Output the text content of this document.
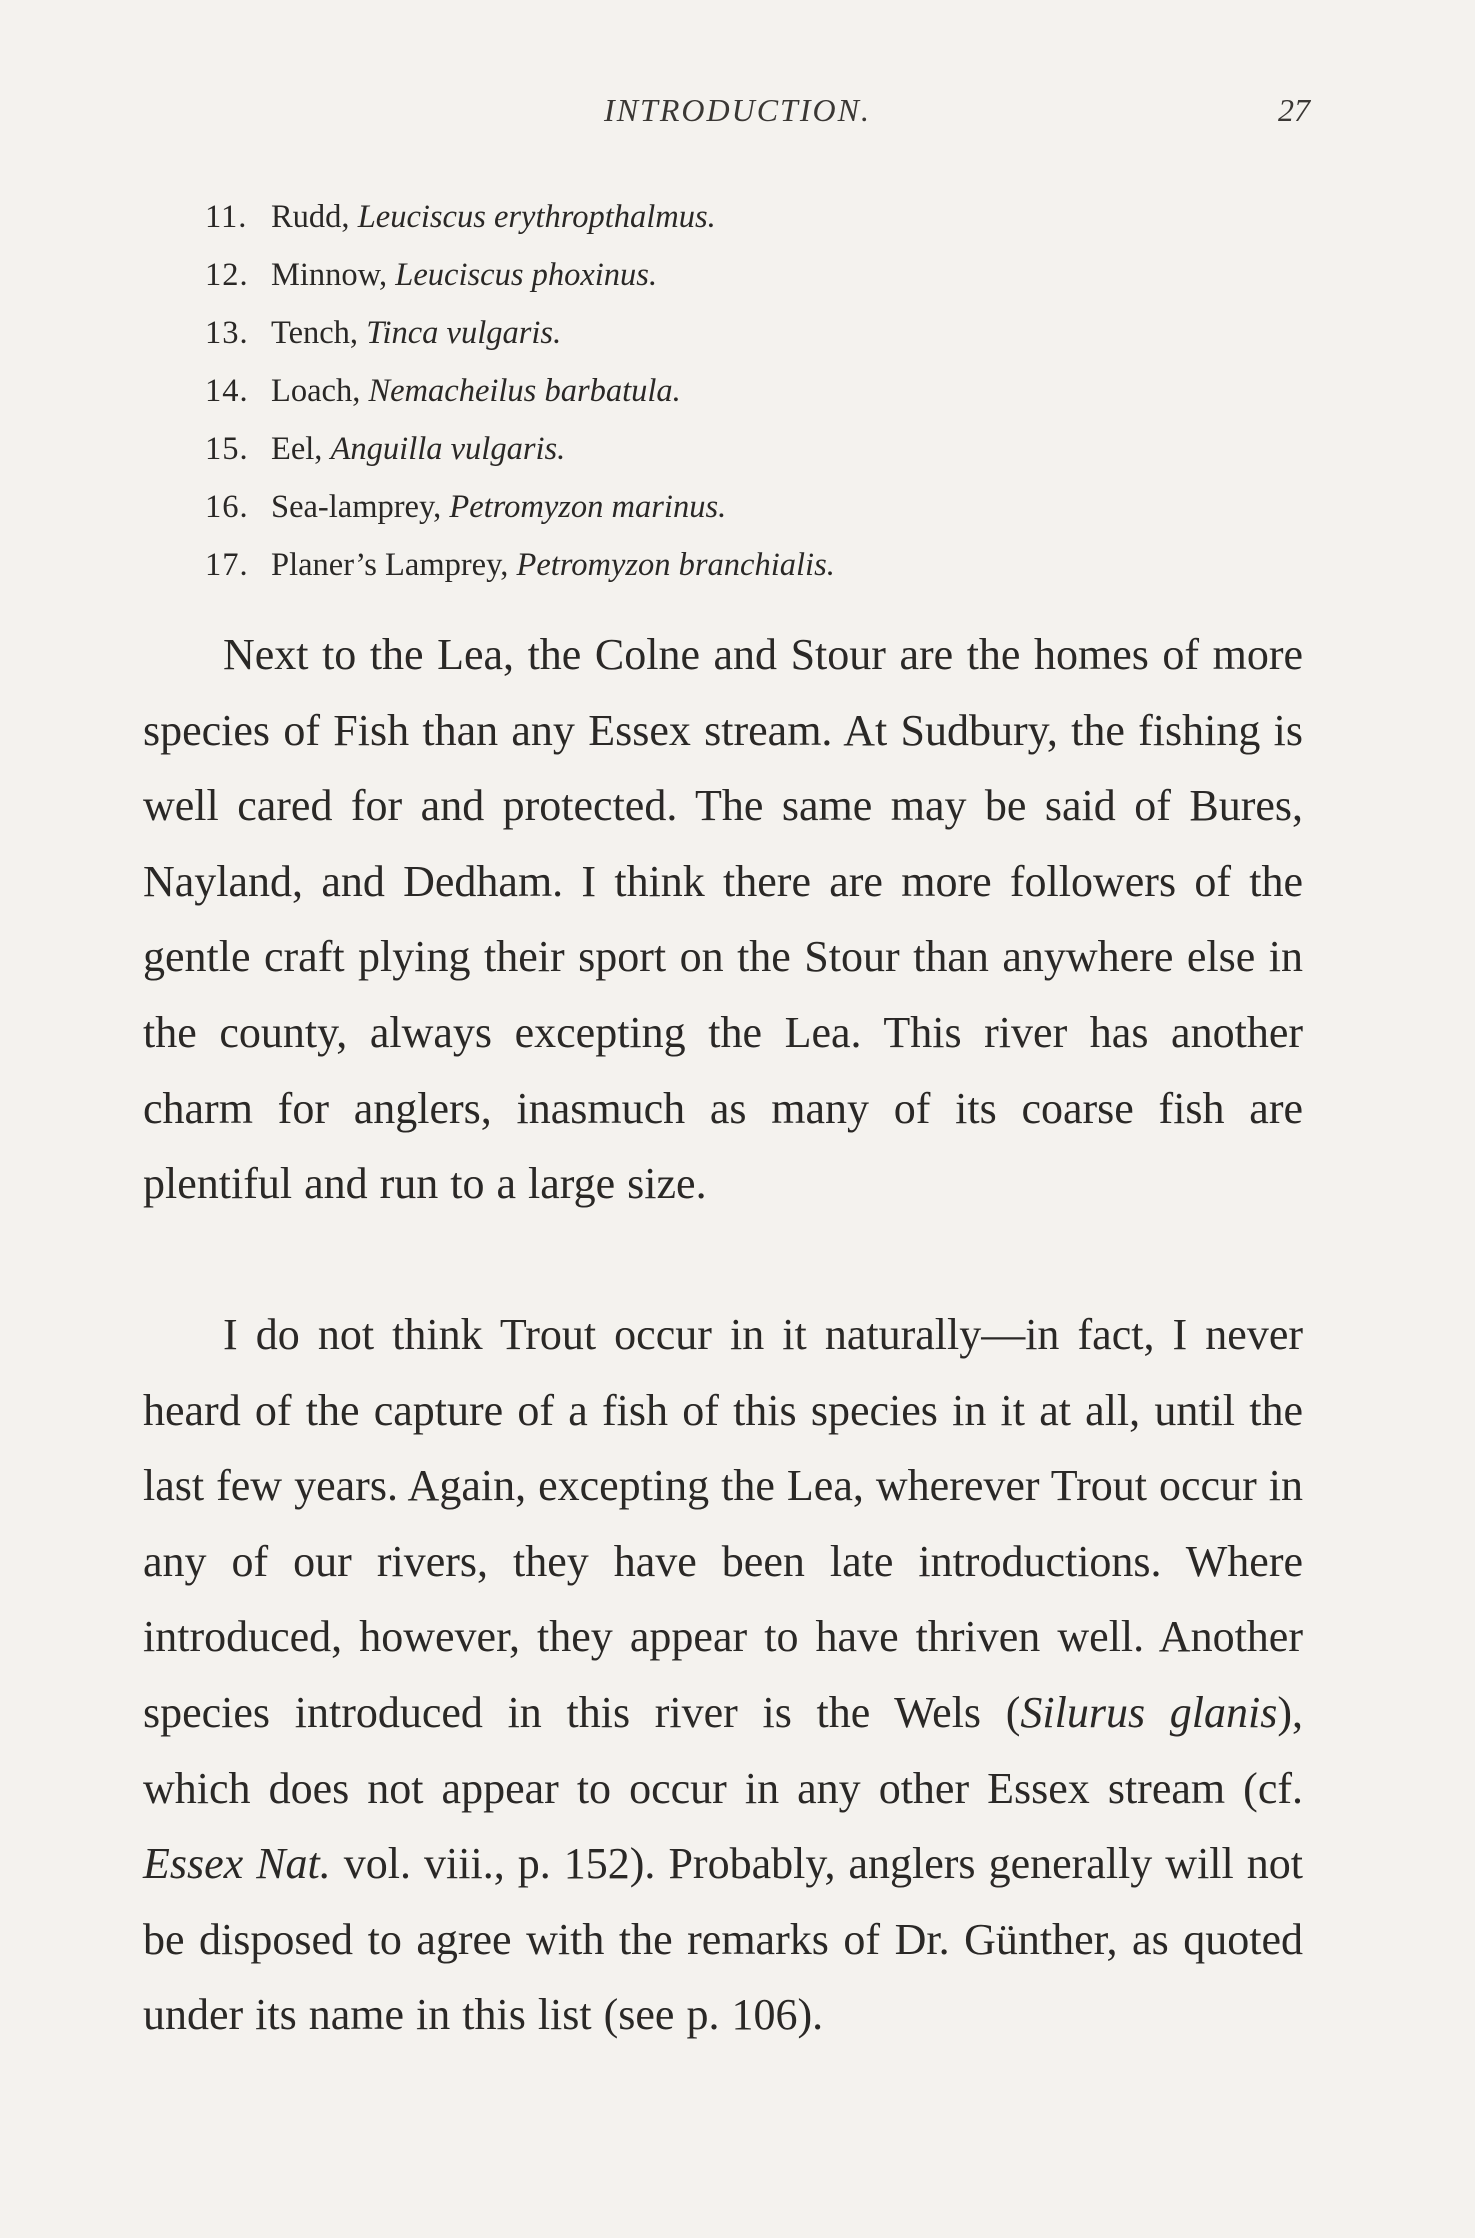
INTRODUCTION.	27
11. Rudd, Leuciscus erythropthalmus.
12. Minnow, Leuciscus phoxinus.
13. Tench, Tinca vulgaris.
14. Loach, Nemacheilus barbatula.
15. Eel, Anguilla vulgaris.
16. Sea-lamprey, Petromyzon marinus.
17. Planer’s Lamprey, Petromyzon branchialis.

Next to the Lea, the Colne and Stour are the homes of more species of Fish than any Essex stream. At Sudbury, the fishing is well cared for and protected. The same may be said of Bures, Nayland, and Dedham. I think there are more followers of the gentle craft plying their sport on the Stour than anywhere else in the county, always excepting the Lea. This river has another charm for anglers, inasmuch as many of its coarse fish are plentiful and run to a large size.

I do not think Trout occur in it naturally—in fact, I never heard of the capture of a fish of this species in it at all, until the last few years. Again, excepting the Lea, wherever Trout occur in any of our rivers, they have been late introductions. Where introduced, however, they appear to have thriven well. Another species introduced in this river is the Wels (Silurus glanis), which does not appear to occur in any other Essex stream (cf. Essex Nat. vol. viii., p. 152). Probably, anglers generally will not be disposed to agree with the remarks of Dr. Günther, as quoted under its name in this list (see p. 106).
